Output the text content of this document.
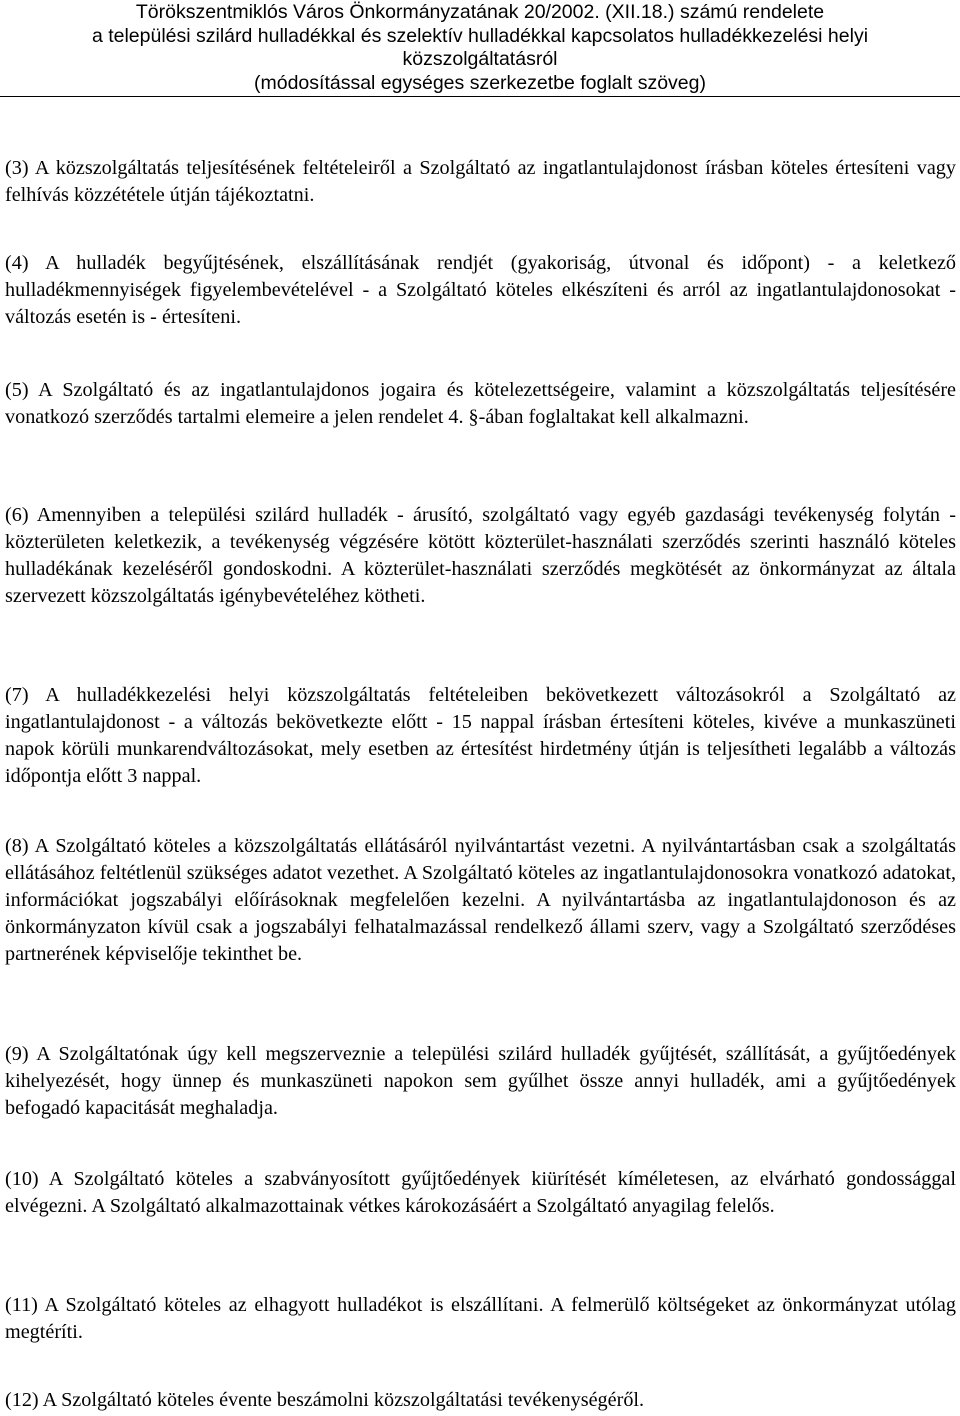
Törökszentmiklós Város Önkormányzatának 20/2002. (XII.18.) számú rendelete
a települési szilárd hulladékkal és szelektív hulladékkal kapcsolatos hulladékkezelési helyi
közszolgáltatásról
(módosítással egységes szerkezetbe foglalt szöveg)

(3) A közszolgáltatás teljesítésének feltételeiről a Szolgáltató az ingatlantulajdonost írásban köteles értesíteni vagy felhívás közzététele útján tájékoztatni.

(4) A hulladék begyűjtésének, elszállításának rendjét (gyakoriság, útvonal és időpont) - a keletkező hulladékmennyiségek figyelembevételével - a Szolgáltató köteles elkészíteni és arról az ingatlantulajdonosokat - változás esetén is - értesíteni.

(5) A Szolgáltató és az ingatlantulajdonos jogaira és kötelezettségeire, valamint a közszolgáltatás teljesítésére vonatkozó szerződés tartalmi elemeire a jelen rendelet 4. §-ában foglaltakat kell alkalmazni.

(6) Amennyiben a települési szilárd hulladék - árusító, szolgáltató vagy egyéb gazdasági tevékenység folytán - közterületen keletkezik, a tevékenység végzésére kötött közterület-használati szerződés szerinti használó köteles hulladékának kezeléséről gondoskodni. A közterület-használati szerződés megkötését az önkormányzat az általa szervezett közszolgáltatás igénybevételéhez kötheti.

(7) A hulladékkezelési helyi közszolgáltatás feltételeiben bekövetkezett változásokról a Szolgáltató az ingatlantulajdonost - a változás bekövetkezte előtt - 15 nappal írásban értesíteni köteles, kivéve a munkaszüneti napok körüli munkarendváltozásokat, mely esetben az értesítést hirdetmény útján is teljesítheti legalább a változás időpontja előtt 3 nappal.

(8) A Szolgáltató köteles a közszolgáltatás ellátásáról nyilvántartást vezetni. A nyilvántartásban csak a szolgáltatás ellátásához feltétlenül szükséges adatot vezethet. A Szolgáltató köteles az ingatlantulajdonosokra vonatkozó adatokat, információkat jogszabályi előírásoknak megfelelően kezelni. A nyilvántartásba az ingatlantulajdonoson és az önkormányzaton kívül csak a jogszabályi felhatalmazással rendelkező állami szerv, vagy a Szolgáltató szerződéses partnerének képviselője tekinthet be.

(9) A Szolgáltatónak úgy kell megszerveznie a települési szilárd hulladék gyűjtését, szállítását, a gyűjtőedények kihelyezését, hogy ünnep és munkaszüneti napokon sem gyűlhet össze annyi hulladék, ami a gyűjtőedények befogadó kapacitását meghaladja.

(10) A Szolgáltató köteles a szabványosított gyűjtőedények kiürítését kíméletesen, az elvárható gondossággal elvégezni. A Szolgáltató alkalmazottainak vétkes károkozásáért a Szolgáltató anyagilag felelős.

(11) A Szolgáltató köteles az elhagyott hulladékot is elszállítani. A felmerülő költségeket az önkormányzat utólag megtéríti.

(12) A Szolgáltató köteles évente beszámolni közszolgáltatási tevékenységéről.
